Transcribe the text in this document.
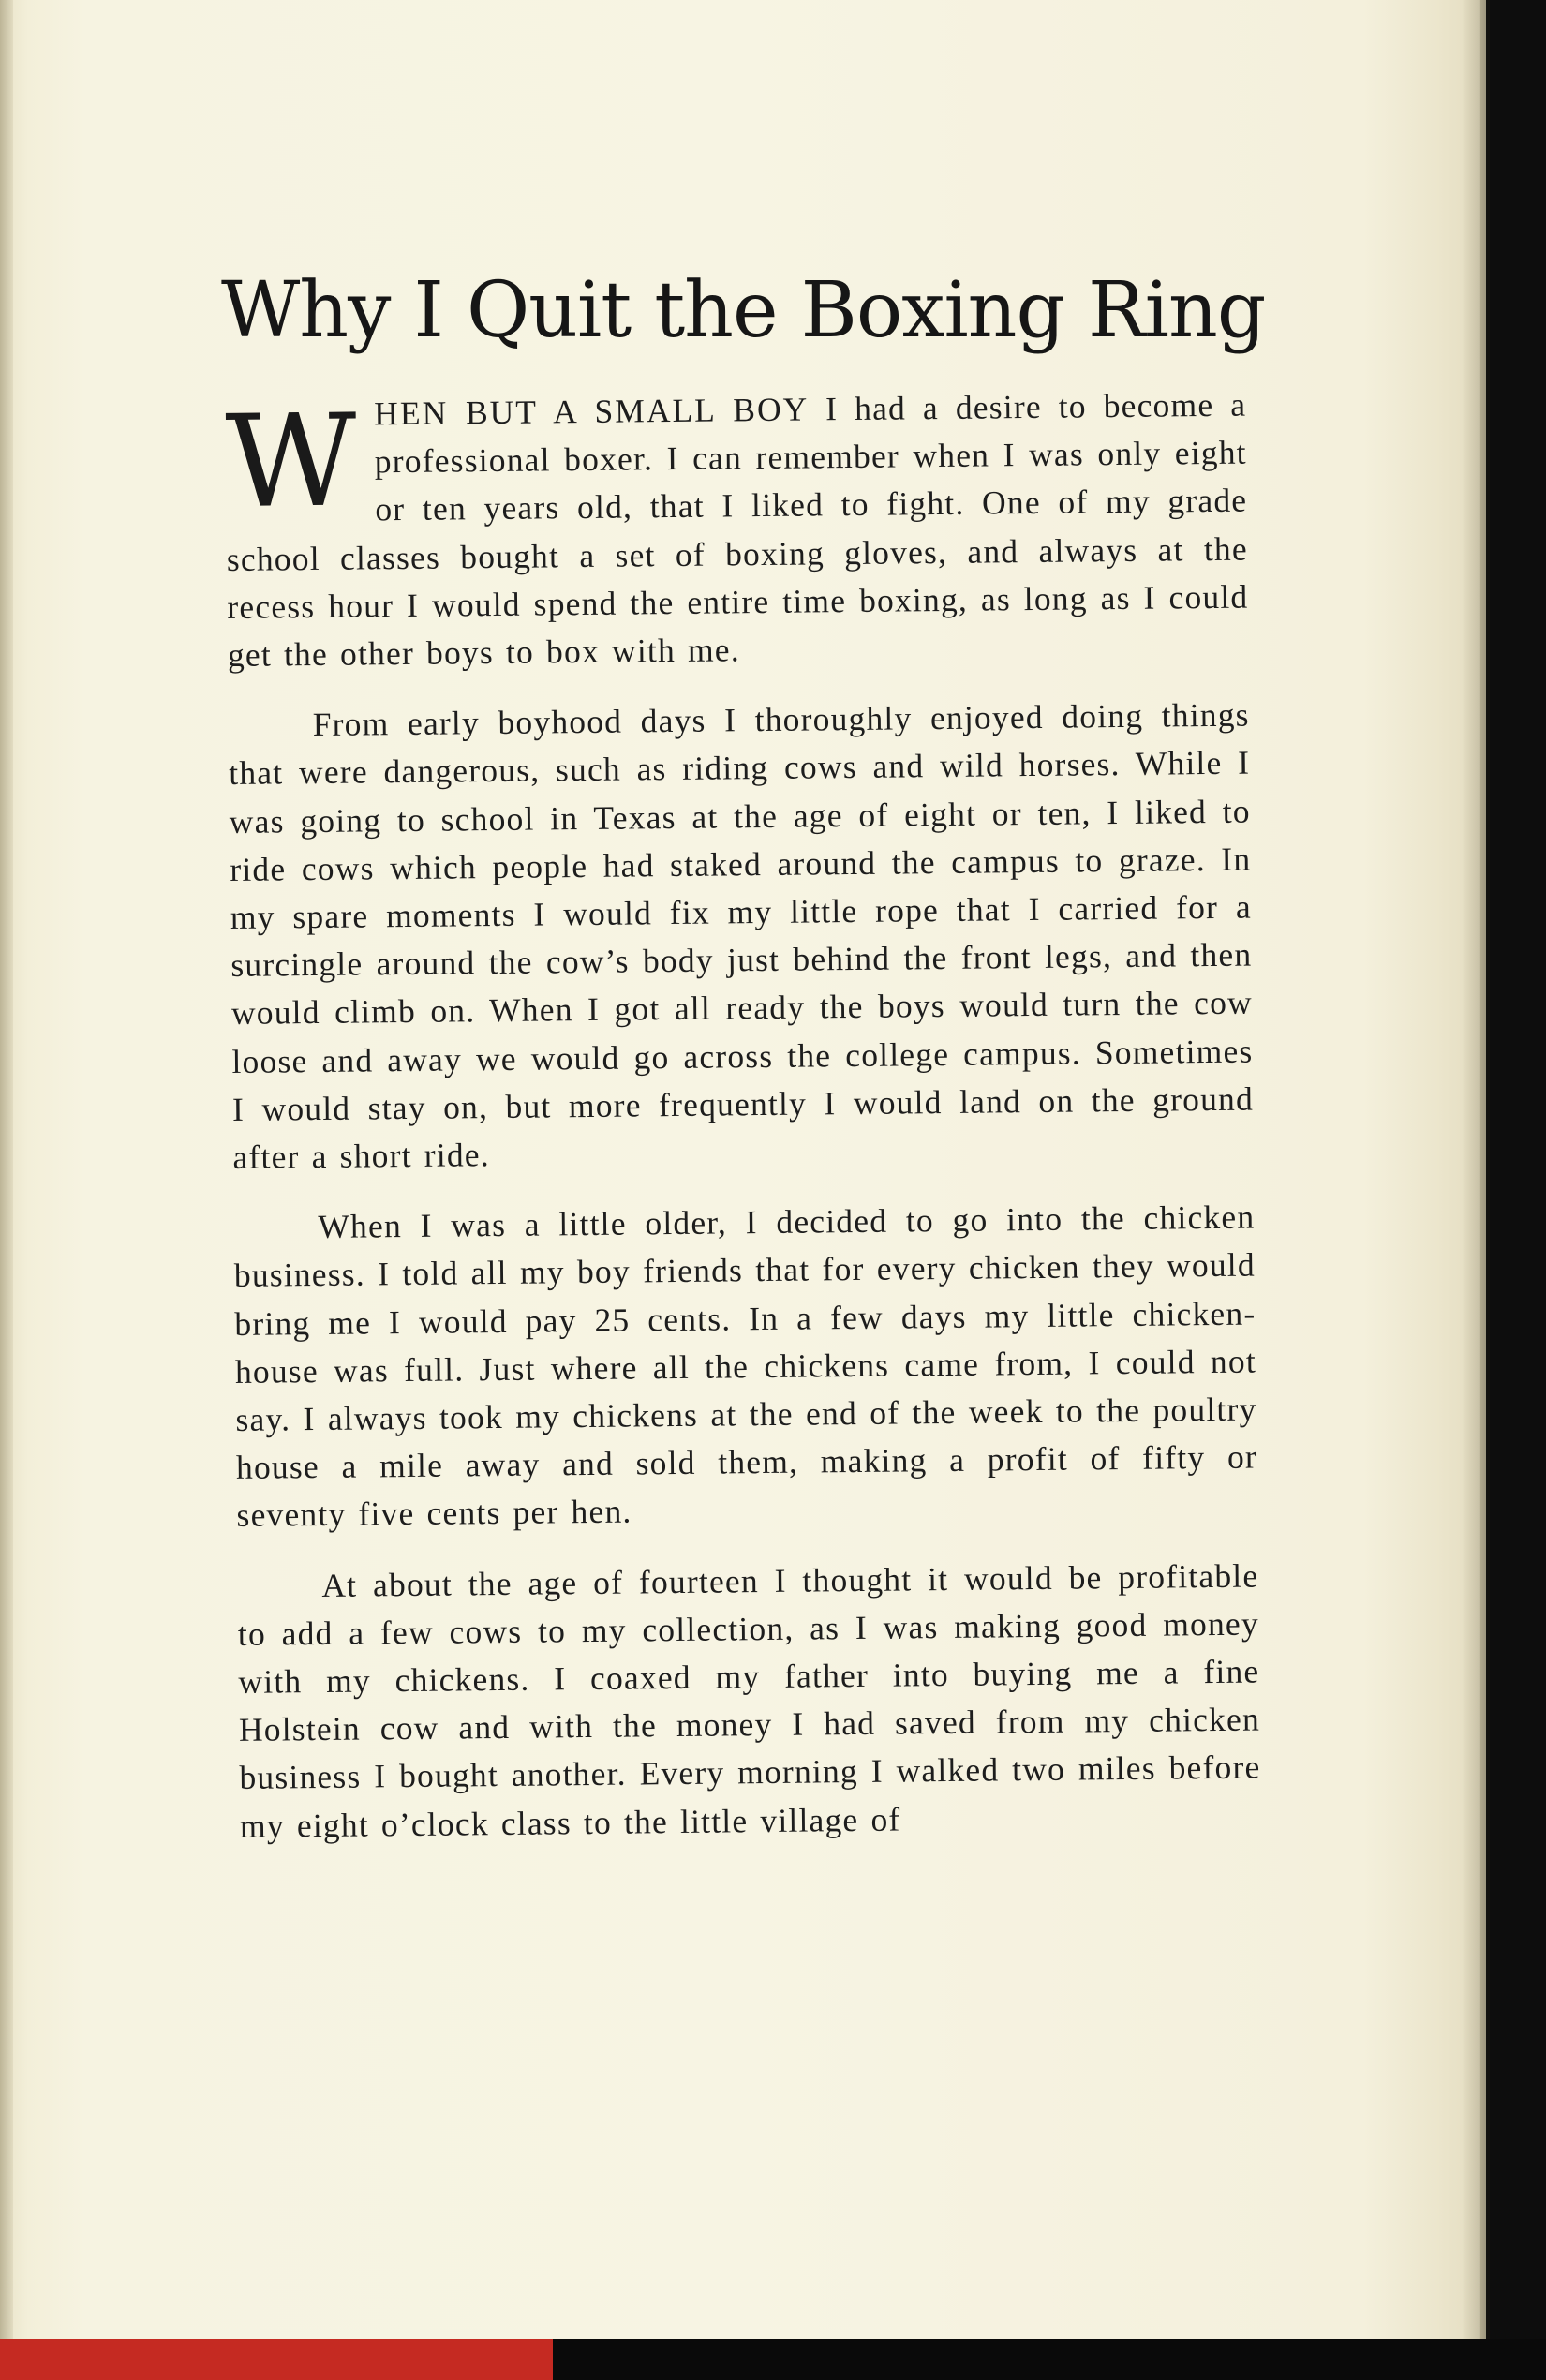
Why I Quit the Boxing Ring

WHEN BUT A SMALL BOY I had a desire to become a professional boxer. I can remember when I was only eight or ten years old, that I liked to fight. One of my grade school classes bought a set of boxing gloves, and always at the recess hour I would spend the entire time boxing, as long as I could get the other boys to box with me.

From early boyhood days I thoroughly enjoyed doing things that were dangerous, such as riding cows and wild horses. While I was going to school in Texas at the age of eight or ten, I liked to ride cows which people had staked around the campus to graze. In my spare moments I would fix my little rope that I carried for a surcingle around the cow’s body just behind the front legs, and then would climb on. When I got all ready the boys would turn the cow loose and away we would go across the college campus. Sometimes I would stay on, but more frequently I would land on the ground after a short ride.

When I was a little older, I decided to go into the chicken business. I told all my boy friends that for every chicken they would bring me I would pay 25 cents. In a few days my little chicken-house was full. Just where all the chickens came from, I could not say. I always took my chickens at the end of the week to the poultry house a mile away and sold them, making a profit of fifty or seventy five cents per hen.

At about the age of fourteen I thought it would be profitable to add a few cows to my collection, as I was making good money with my chickens. I coaxed my father into buying me a fine Holstein cow and with the money I had saved from my chicken business I bought another. Every morning I walked two miles before my eight o’clock class to the little village of
